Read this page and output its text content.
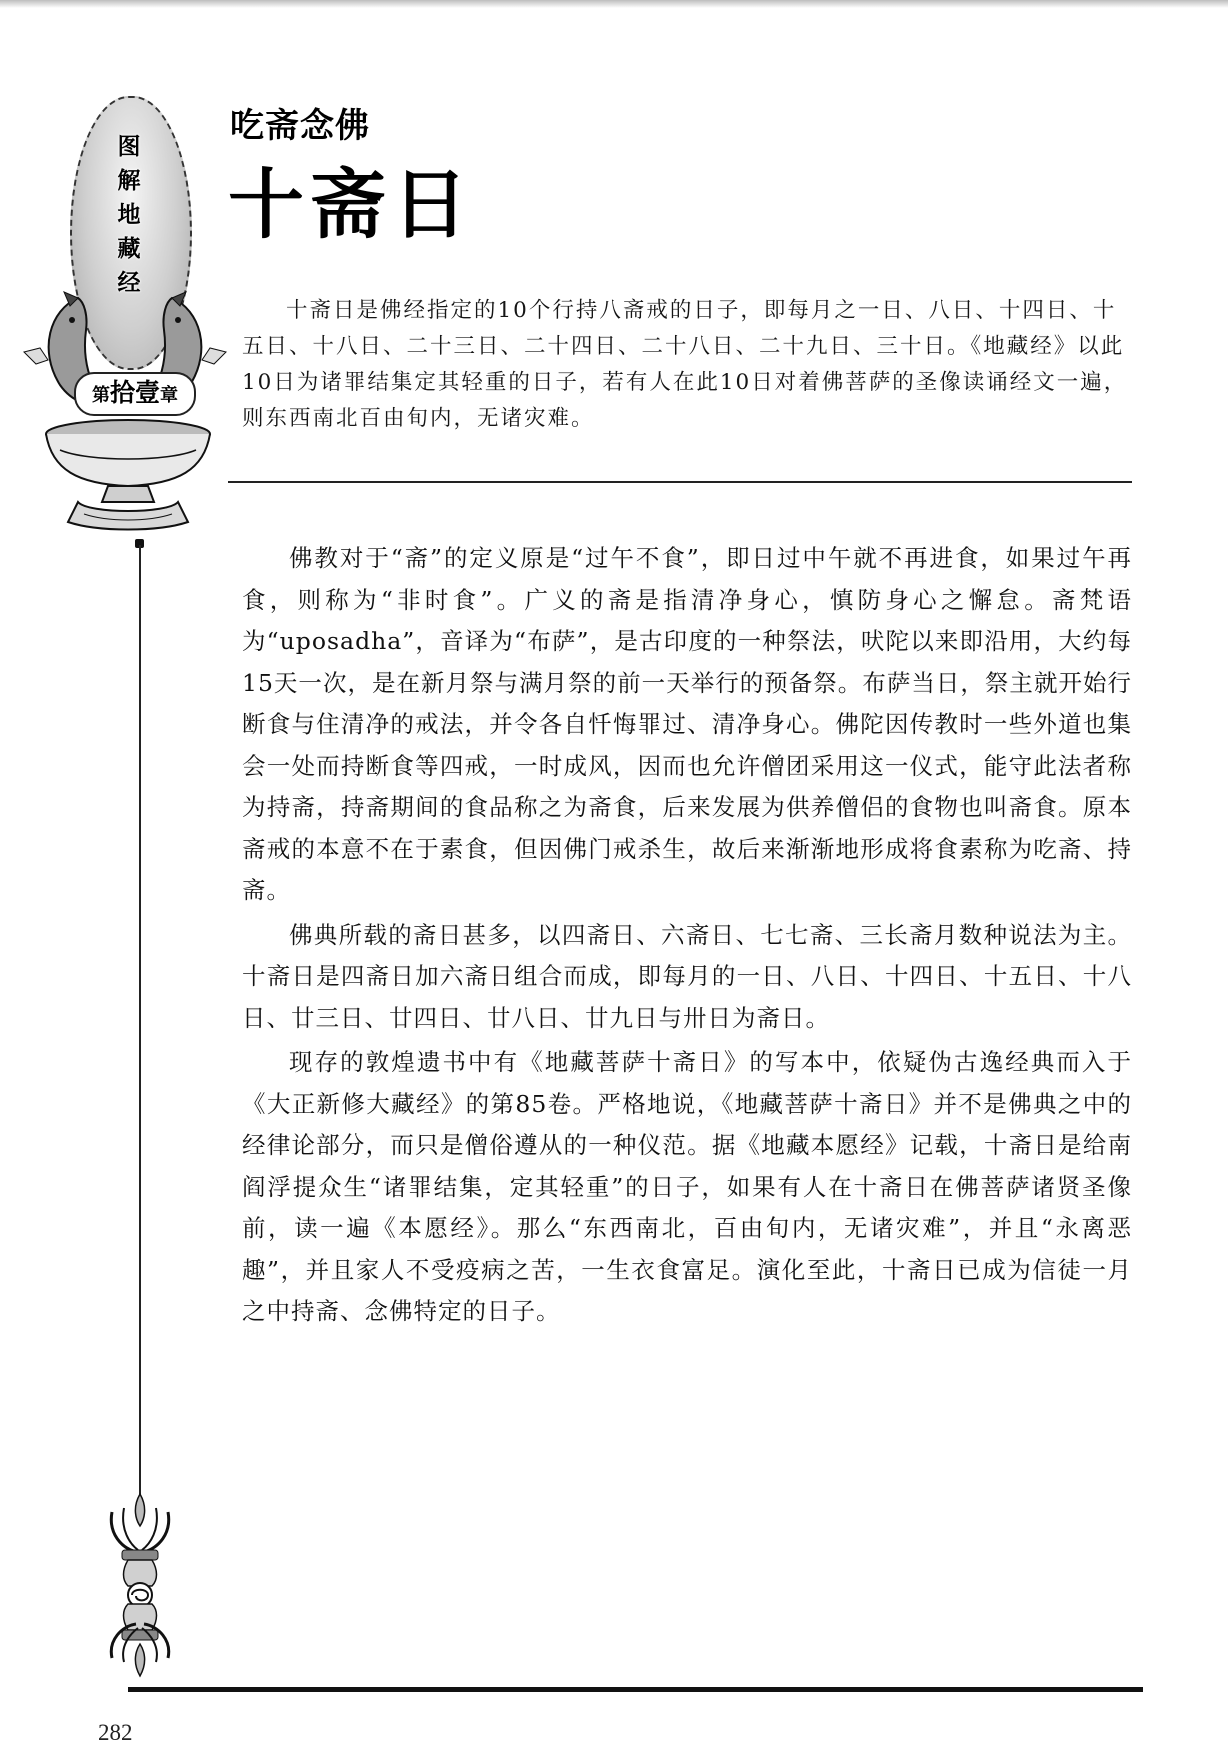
图
解
地
藏
经
第拾壹章
吃斋念佛
十斋日

十斋日是佛经指定的10个行持八斋戒的日子，即每月之一日、八日、十四日、十五日、十八日、二十三日、二十四日、二十八日、二十九日、三十日。《地藏经》以此10日为诸罪结集定其轻重的日子，若有人在此10日对着佛菩萨的圣像读诵经文一遍，则东西南北百由旬内，无诸灾难。

佛教对于“斋”的定义原是“过午不食”，即日过中午就不再进食，如果过午再食，则称为“非时食”。广义的斋是指清净身心，慎防身心之懈怠。斋梵语为“uposadha”，音译为“布萨”，是古印度的一种祭法，吠陀以来即沿用，大约每15天一次，是在新月祭与满月祭的前一天举行的预备祭。布萨当日，祭主就开始行断食与住清净的戒法，并令各自忏悔罪过、清净身心。佛陀因传教时一些外道也集会一处而持断食等四戒，一时成风，因而也允许僧团采用这一仪式，能守此法者称为持斋，持斋期间的食品称之为斋食，后来发展为供养僧侣的食物也叫斋食。原本斋戒的本意不在于素食，但因佛门戒杀生，故后来渐渐地形成将食素称为吃斋、持斋。

佛典所载的斋日甚多，以四斋日、六斋日、七七斋、三长斋月数种说法为主。十斋日是四斋日加六斋日组合而成，即每月的一日、八日、十四日、十五日、十八日、廿三日、廿四日、廿八日、廿九日与卅日为斋日。

现存的敦煌遗书中有《地藏菩萨十斋日》的写本中，依疑伪古逸经典而入于《大正新修大藏经》的第85卷。严格地说，《地藏菩萨十斋日》并不是佛典之中的经律论部分，而只是僧俗遵从的一种仪范。据《地藏本愿经》记载，十斋日是给南阎浮提众生“诸罪结集，定其轻重”的日子，如果有人在十斋日在佛菩萨诸贤圣像前，读一遍《本愿经》。那么“东西南北，百由旬内，无诸灾难”，并且“永离恶趣”，并且家人不受疫病之苦，一生衣食富足。演化至此，十斋日已成为信徒一月之中持斋、念佛特定的日子。

282
